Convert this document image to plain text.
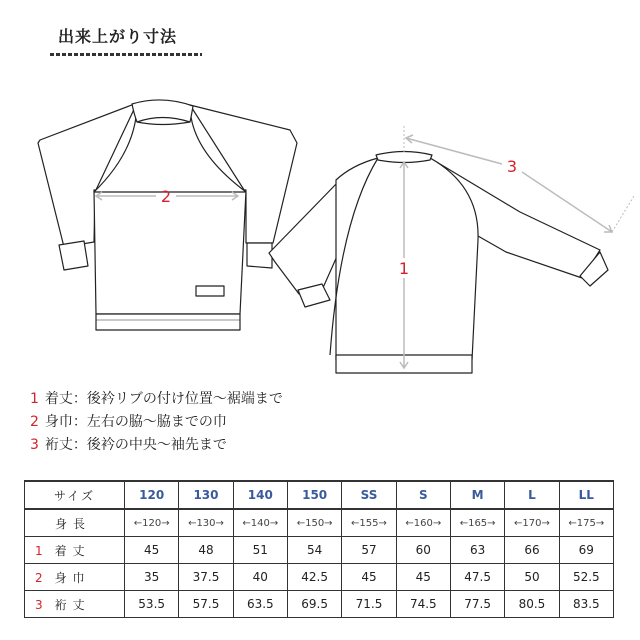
出来上がり寸法
2
1
3
1 着丈：後衿リブの付け位置〜裾端まで
2 身巾：左右の脇〜脇までの巾
3 裄丈：後衿の中央〜袖先まで
サイズ	120	130	140	150	SS	S	M	L	LL
身長	←120→	←130→	←140→	←150→	←155→	←160→	←165→	←170→	←175→
1 着丈	45	48	51	54	57	60	63	66	69
2 身巾	35	37.5	40	42.5	45	45	47.5	50	52.5
3 裄丈	53.5	57.5	63.5	69.5	71.5	74.5	77.5	80.5	83.5
